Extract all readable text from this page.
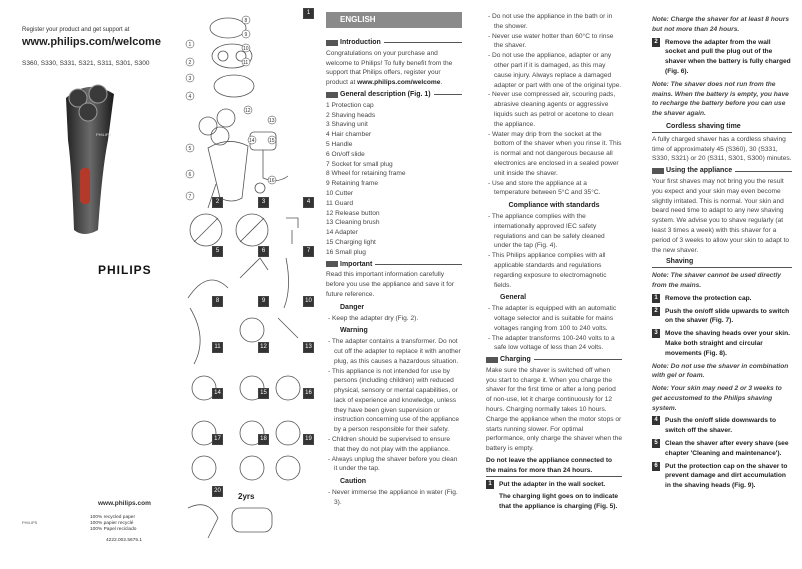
Register your product and get support at
www.philips.com/welcome
S360, S330, S331, S321, S311, S301, S300
PHILIPS
PHILIPS
www.philips.com
100% recycled paper
100% papier recyclé
100% Papel reciclado
4222.002.5675.1
PHILIPS
1
2
3
4
5
6
7
8
9
10
11
12
13
14	15
16
1
2	3	4
5	6	7
8	9	10
11	12	13
14	15	16
17	18	19
20
2yrs
ENGLISH
Introduction

Congratulations on your purchase and welcome to Philips! To fully benefit from the support that Philips offers, register your product at www.philips.com/welcome.

General description (Fig. 1)
1 Protection cap
2 Shaving heads
3 Shaving unit
4 Hair chamber
5 Handle
6 On/off slide
7 Socket for small plug
8 Wheel for retaining frame
9 Retaining frame
10 Cutter
11 Guard
12 Release button
13 Cleaning brush
14 Adapter
15 Charging light
16 Small plug
Important

Read this important information carefully before you use the appliance and save it for future reference.

Danger
- Keep the adapter dry (Fig. 2).
Warning
- The adapter contains a transformer. Do not cut off the adapter to replace it with another plug, as this causes a hazardous situation.
- This appliance is not intended for use by persons (including children) with reduced physical, sensory or mental capabilities, or lack of experience and knowledge, unless they have been given supervision or instruction concerning use of the appliance by a person responsible for their safety.
- Children should be supervised to ensure that they do not play with the appliance.
- Always unplug the shaver before you clean it under the tap.
Caution
- Never immerse the appliance in water (Fig. 3).
- Do not use the appliance in the bath or in the shower.
- Never use water hotter than 60°C to rinse the shaver.
- Do not use the appliance, adapter or any other part if it is damaged, as this may cause injury. Always replace a damaged adapter or part with one of the original type.
- Never use compressed air, scouring pads, abrasive cleaning agents or aggressive liquids such as petrol or acetone to clean the appliance.
- Water may drip from the socket at the bottom of the shaver when you rinse it. This is normal and not dangerous because all electronics are enclosed in a sealed power unit inside the shaver.
- Use and store the appliance at a temperature between 5°C and 35°C.
Compliance with standards
- The appliance complies with the internationally approved IEC safety regulations and can be safely cleaned under the tap (Fig. 4).
- This Philips appliance complies with all applicable standards and regulations regarding exposure to electromagnetic fields.
General
- The adapter is equipped with an automatic voltage selector and is suitable for mains voltages ranging from 100 to 240 volts.
- The adapter transforms 100-240 volts to a safe low voltage of less than 24 volts.
Charging

Make sure the shaver is switched off when you start to charge it. When you charge the shaver for the first time or after a long period of non-use, let it charge continuously for 12 hours. Charging normally takes 10 hours. Charge the appliance when the motor stops or starts running slower. For optimal performance, only charge the shaver when the battery is empty.

Do not leave the appliance connected to the mains for more than 24 hours.
1	Put the adapter in the wall socket.
The charging light goes on to indicate that the appliance is charging (Fig. 5).
Note: Charge the shaver for at least 8 hours but not more than 24 hours.
2	Remove the adapter from the wall socket and pull the plug out of the shaver when the battery is fully charged (Fig. 6).
Note: The shaver does not run from the mains. When the battery is empty, you have to recharge the battery before you can use the shaver again.
Cordless shaving time

A fully charged shaver has a cordless shaving time of approximately 45 (S360), 30 (S331, S330, S321) or 20 (S311, S301, S300) minutes.

Using the appliance

Your first shaves may not bring you the result you expect and your skin may even become slightly irritated. This is normal. Your skin and beard need time to adapt to any new shaving system. We advise you to shave regularly (at least 3 times a week) with this shaver for a period of 3 weeks to allow your skin to adapt to the new shaver.

Shaving
Note: The shaver cannot be used directly from the mains.
1	Remove the protection cap.
2	Push the on/off slide upwards to switch on the shaver (Fig. 7).
3	Move the shaving heads over your skin. Make both straight and circular movements (Fig. 8).
Note: Do not use the shaver in combination with gel or foam.
Note: Your skin may need 2 or 3 weeks to get accustomed to the Philips shaving system.
4	Push the on/off slide downwards to switch off the shaver.
5	Clean the shaver after every shave (see chapter 'Cleaning and maintenance').
6	Put the protection cap on the shaver to prevent damage and dirt accumulation in the shaving heads (Fig. 9).
